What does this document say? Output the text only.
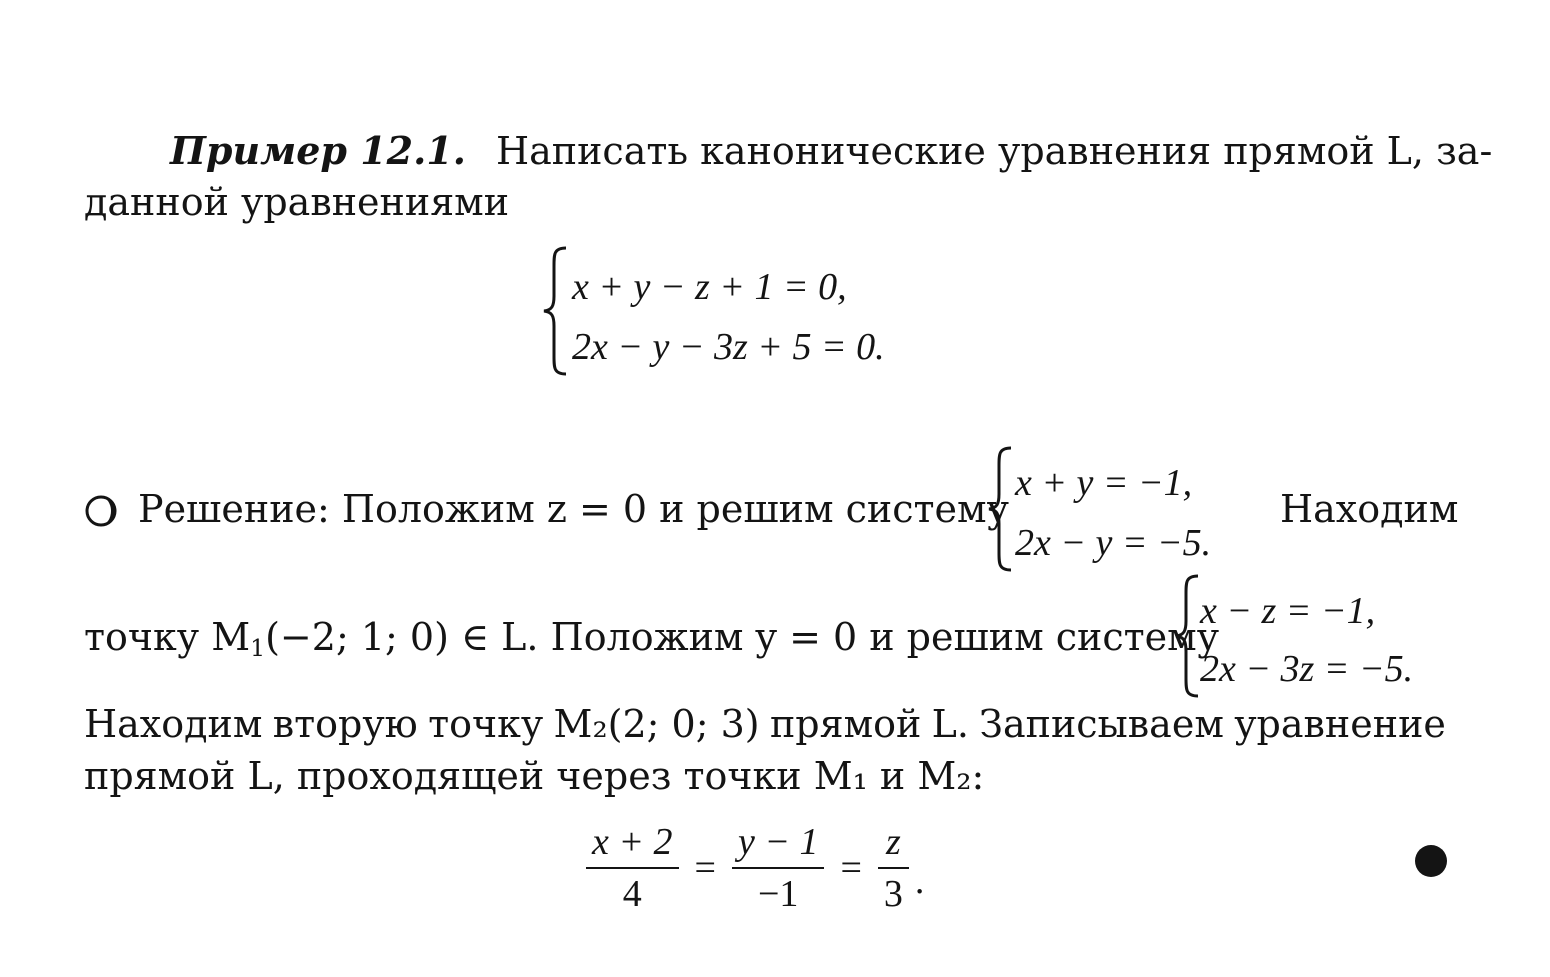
Пример 12.1. Написать канонические уравнения прямой L, за-
данной уравнениями
x + y − z + 1 = 0,
2x − y − 3z + 5 = 0.
Решение: Положим z = 0 и решим систему
x + y = −1,
2x − y = −5.
Находим
точку $M_1(-2$; 1; 0) ∈ L. Положим y = 0 и решим систему
x − z = −1,
2x − 3z = −5.
Находим вторую точку M₂(2; 0; 3) прямой L. Записываем уравнение
прямой L, проходящей через точки M₁ и M₂:
$\frac{x + 2}{4} = \frac{y - 1}{-1} = \frac{z}{3}$ .
